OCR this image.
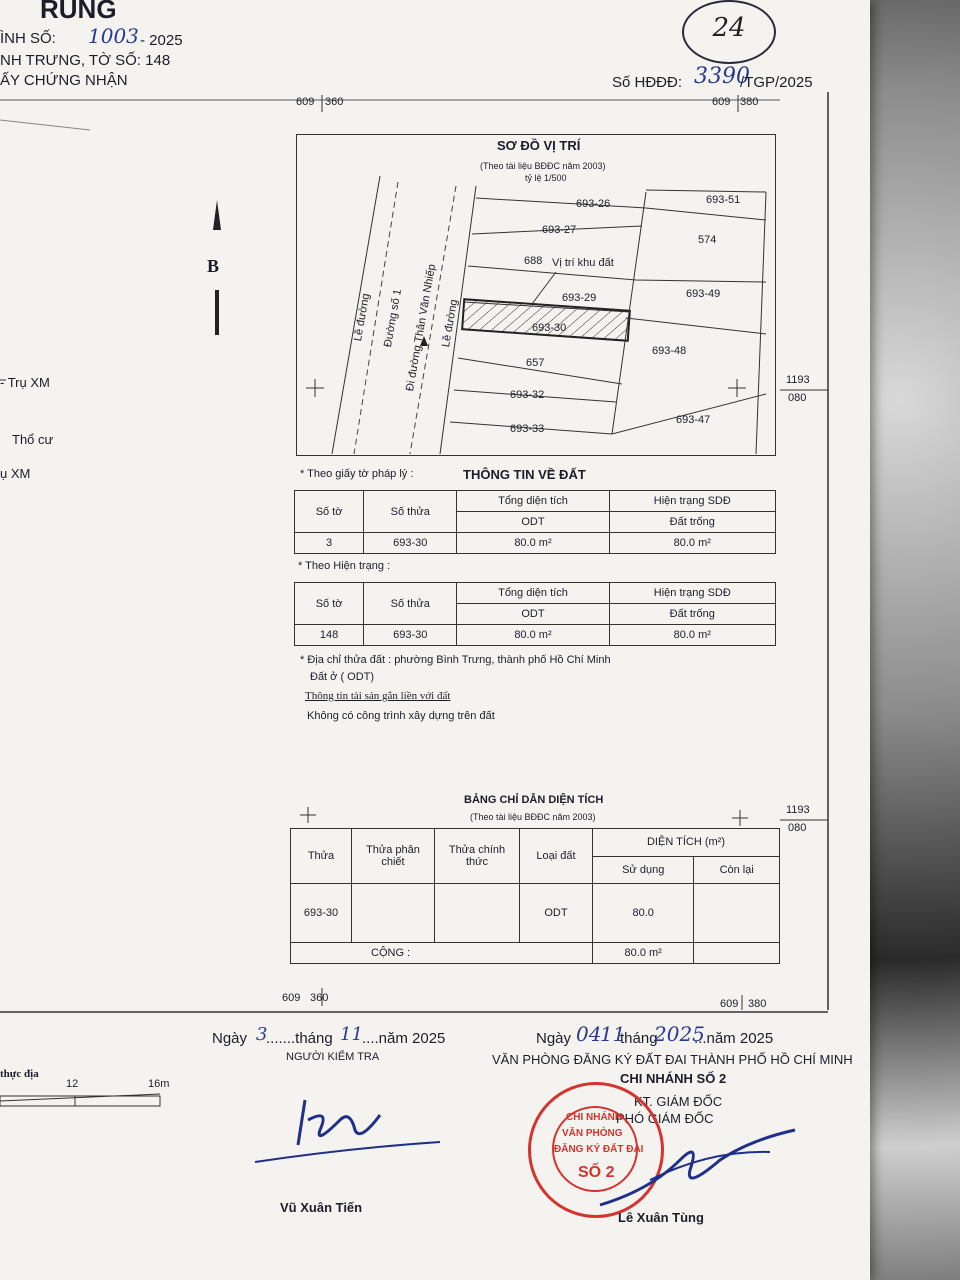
RUNG
ÌNH SỐ: 1003 - 2025
NH TRƯNG, TỜ SỐ: 148
ẤY CHỨNG NHẬN	Số HĐĐĐ: 3390
/TGP/2025
24
609 360	609 380
1193
080
1193
080
609 360	609 380
- Trụ XM
Thổ cư
ụ XM
thực địa
12	16m
B
SƠ ĐỒ VỊ TRÍ
(Theo tài liệu BĐĐC năm 2003)
tỷ lệ 1/500
Lề đường Đường số 1 Đi đường Thân Văn Nhiếp Lề đường
693-26	693-51
693-27
574
688
693-29	693-49
693-30
693-48
657
693-32
693-47
693-33
Vị trí khu đất
* Theo giấy tờ pháp lý :	THÔNG TIN VỀ ĐẤT
Số tờ	Số thửa	Tổng diện tích	Hiện trạng SDĐ
		ODT	Đất trống
3	693-30	80.0 m²	80.0 m²
* Theo Hiện trạng :
Số tờ	Số thửa	Tổng diện tích	Hiện trạng SDĐ
		ODT	Đất trống
148	693-30	80.0 m²	80.0 m²
* Địa chỉ thửa đất : phường Bình Trưng, thành phố Hồ Chí Minh
Đất ở ( ODT)
Thông tin tài sản gắn liền với đất
Không có công trình xây dựng trên đất
BẢNG CHỈ DẪN DIỆN TÍCH
(Theo tài liệu BĐĐC năm 2003)
Thửa	Thửa phân chiết	Thửa chính thức	Loại đất	DIỆN TÍCH (m²)	
				Sử dụng	Còn lại
693-30			ODT	80.0	
CỘNG :				80.0 m²	
Ngày 3
.......tháng 11 ....năm 2025
NGƯỜI KIỂM TRA
Vũ Xuân Tiến
Ngày 04 tháng
11 2025
...năm 2025
VĂN PHÒNG ĐĂNG KÝ ĐẤT ĐAI THÀNH PHỐ HỒ CHÍ MINH
CHI NHÁNH SỐ 2
KT. GIÁM ĐỐC
PHÓ GIÁM ĐỐC
CHI NHÁNH
VĂN PHÒNG
ĐĂNG KÝ ĐẤT ĐAI
SỐ 2
Lê Xuân Tùng
